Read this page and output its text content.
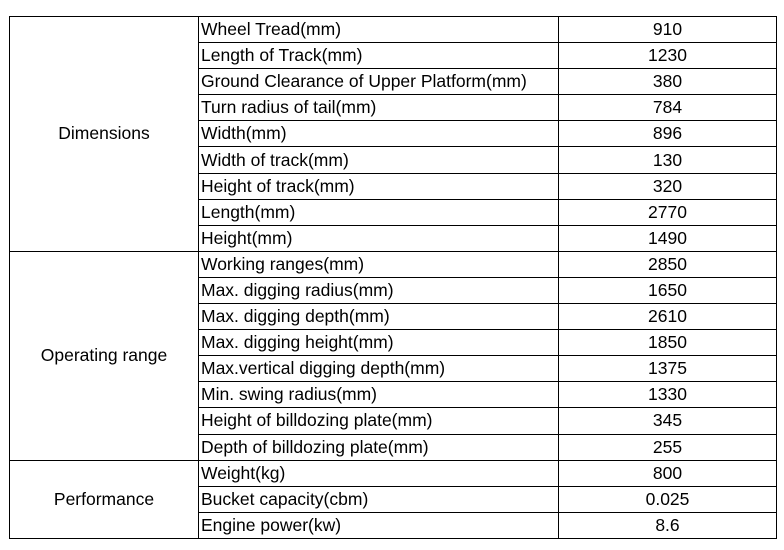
Dimensions	Wheel Tread(mm)	910
	Length of Track(mm)	1230
	Ground Clearance of Upper Platform(mm)	380
	Turn radius of tail(mm)	784
	Width(mm)	896
	Width of track(mm)	130
	Height of track(mm)	320
	Length(mm)	2770
	Height(mm)	1490
Operating range	Working ranges(mm)	2850
	Max. digging radius(mm)	1650
	Max. digging depth(mm)	2610
	Max. digging height(mm)	1850
	Max.vertical digging depth(mm)	1375
	Min. swing radius(mm)	1330
	Height of billdozing plate(mm)	345
	Depth of billdozing plate(mm)	255
Performance	Weight(kg)	800
	Bucket capacity(cbm)	0.025
	Engine power(kw)	8.6
